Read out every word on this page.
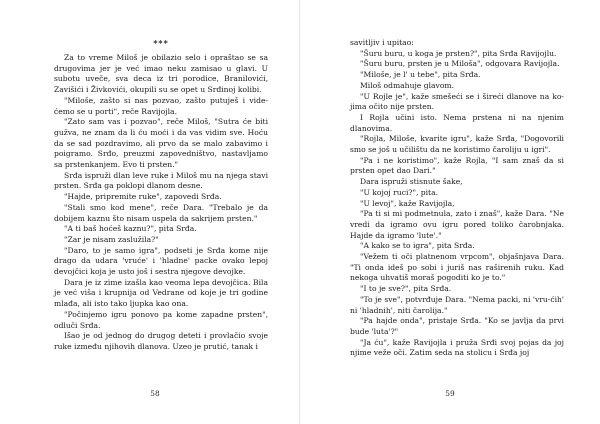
***

Za to vreme Miloš je obilazio selo i opraštao se sa drugovima jer je već imao neku zamisao u glavi. U subotu uveče, sva deca iz tri porodice, Branilovići, Zavišići i Živkovići, okupili su se opet u Srđinoj kolibi.

"Miloše, zašto si nas pozvao, zašto putuješ i vide-ćemo se u porti", reče Ravijojla.

"Zato sam vas i pozvao", reče Miloš, "Sutra će biti gužva, ne znam da li ću moći i da vas vidim sve. Hoću da se sad pozdravimo, ali prvo da se malo zabavimo i poigramo. Srđo, preuzmi zapovedništvo, nastavljamo sa prstenkanjem. Evo ti prsten."

Srđa ispruži dlan leve ruke i Miloš mu na njega stavi prsten. Srđa ga poklopi dlanom desne.

"Hajde, pripremite ruke", zapovedi Srđa.

"Stali smo kod mene", reče Dara. "Trebalo je da dobijem kaznu što nisam uspela da sakrijem prsten."

"A ti baš hoćeš kaznu?", pita Srđa.

"Zar je nisam zaslužila?"

"Daro, to je samo igra", podseti je Srđa kome nije drago da udara 'vruće' i 'hladne' packe ovako lepoj devojčici koja je usto još i sestra njegove devojke.

Dara je iz zime izašla kao veoma lepa devojčica. Bila je već viša i krupnija od Vedrane od koje je tri godine mlađa, ali isto tako ljupka kao ona.

"Počinjemo igru ponovo pa kome zapadne prsten", odluči Srđa.

Išao je od jednog do drugog deteti i provlačio svoje ruke između njihovih dlanova. Uzeo je prutić, tanak i

58

savitljiv i upitao:

"Šuru buru, u koga je prsten?", pita Srđa Ravijojlu.

"Šuru buru, prsten je u Miloša", odgovara Ravijojla.

"Miloše, je l' u tebe", pita Srđa.

Miloš odmahuje glavom.

"U Rojle je", kaže smešeći se i šireći dlanove na ko-jima očito nije prsten.

I Rojla učini isto. Nema prstena ni na njenim dlanovima.

"Rojla, Miloše, kvarite igru", kaže Srđa, "Dogovorili smo se još u učilištu da ne koristimo čaroliju u igri".

"Pa i ne koristimo", kaže Rojla, "I sam znaš da si prsten opet dao Dari."

Dara ispruži stisnute šake,

"U kojoj ruci?", pita.

"U levoj", kaže Ravijojla,

"Pa ti si mi podmetnula, zato i znaš", kaže Dara. "Ne vredi da igramo ovu igru pored toliko čarobnjaka. Hajde da igramo 'lute'."

"A kako se to igra", pita Srđa.

"Vežem ti oči platnenom vrpcom", objašnjava Dara. "Ti onda ideš po sobi i juriš nas raširenih ruku. Kad nekoga uhvatiš moraš pogoditi ko je to."

"I to je sve?", pita Srđa.

"To je sve", potvrđuje Dara. "Nema packi, ni 'vru-ćih' ni 'hladnih', niti čarolija."

"Pa hajde onda", pristaje Srđa. "Ko se javlja da prvi bude 'luta'?"

"Ja ću", kaže Ravijojla i pruža Srđi svoj pojas da joj njime veže oči. Zatim seda na stolicu i Srđa joj

59
